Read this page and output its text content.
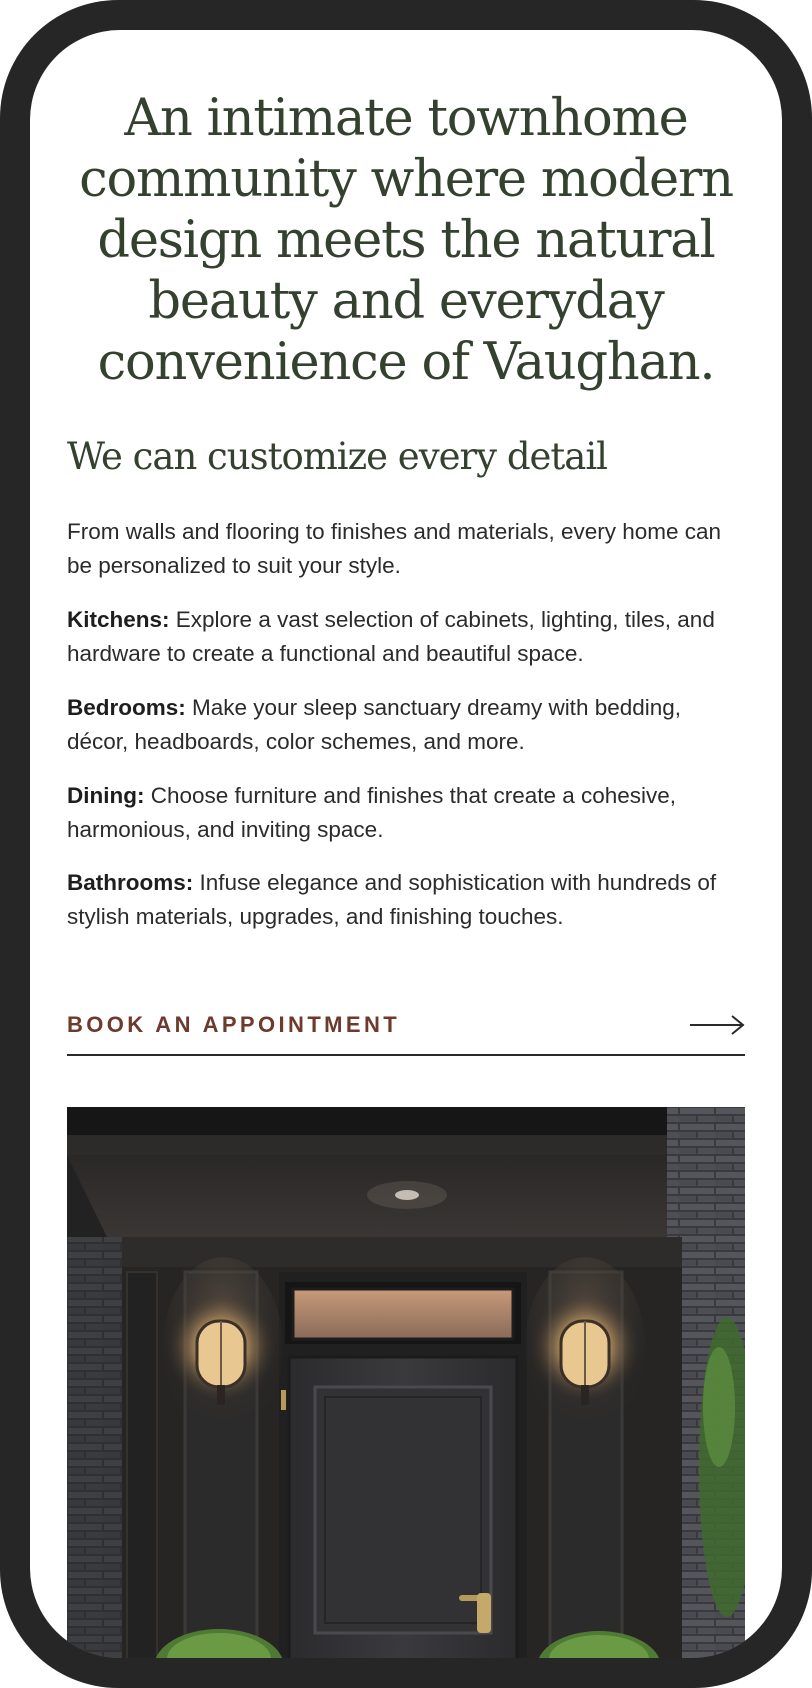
An intimate townhome community where modern design meets the natural beauty and everyday convenience of Vaughan.
We can customize every detail

From walls and flooring to finishes and materials, every home can be personalized to suit your style.

Kitchens: Explore a vast selection of cabinets, lighting, tiles, and hardware to create a functional and beautiful space.

Bedrooms: Make your sleep sanctuary dreamy with bedding, décor, headboards, color schemes, and more.

Dining: Choose furniture and finishes that create a cohesive, harmonious, and inviting space.

Bathrooms: Infuse elegance and sophistication with hundreds of stylish materials, upgrades, and finishing touches.

BOOK AN APPOINTMENT
